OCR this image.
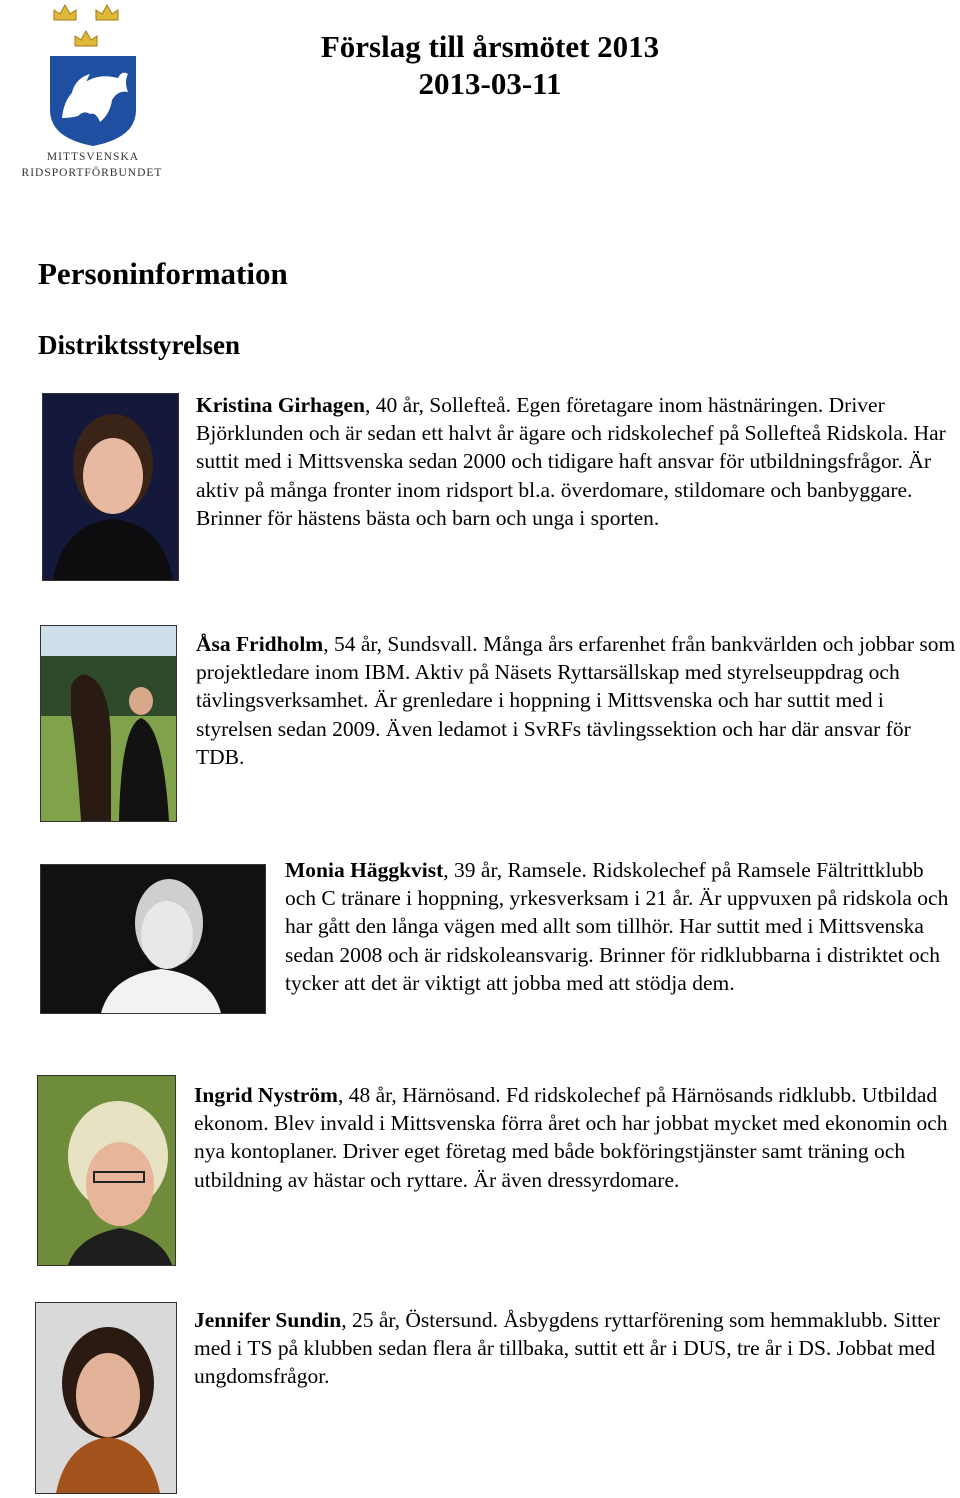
MITTSVENSKA
RIDSPORTFÖRBUNDET
Förslag till årsmötet 2013
2013-03-11
Personinformation
Distriktsstyrelsen

Kristina Girhagen, 40 år, Sollefteå. Egen företagare inom hästnäringen. Driver Björklunden och är sedan ett halvt år ägare och ridskolechef på Sollefteå Ridskola. Har suttit med i Mittsvenska sedan 2000 och tidigare haft ansvar för utbildningsfrågor. Är aktiv på många fronter inom ridsport bl.a. överdomare, stildomare och banbyggare. Brinner för hästens bästa och barn och unga i sporten.

Åsa Fridholm, 54 år, Sundsvall. Många års erfarenhet från bankvärlden och jobbar som projektledare inom IBM. Aktiv på Näsets Ryttarsällskap med styrelseuppdrag och tävlingsverksamhet. Är grenledare i hoppning i Mittsvenska och har suttit med i styrelsen sedan 2009. Även ledamot i SvRFs tävlingssektion och har där ansvar för TDB.

Monia Häggkvist, 39 år, Ramsele. Ridskolechef på Ramsele Fältrittklubb och C tränare i hoppning, yrkesverksam i 21 år. Är uppvuxen på ridskola och har gått den långa vägen med allt som tillhör. Har suttit med i Mittsvenska sedan 2008 och är ridskoleansvarig. Brinner för ridklubbarna i distriktet och tycker att det är viktigt att jobba med att stödja dem.

Ingrid Nyström, 48 år, Härnösand. Fd ridskolechef på Härnösands ridklubb. Utbildad ekonom. Blev invald i Mittsvenska förra året och har jobbat mycket med ekonomin och nya kontoplaner. Driver eget företag med både bokföringstjänster samt träning och utbildning av hästar och ryttare. Är även dressyrdomare.

Jennifer Sundin, 25 år, Östersund. Åsbygdens ryttarförening som hemmaklubb. Sitter med i TS på klubben sedan flera år tillbaka, suttit ett år i DUS, tre år i DS. Jobbat med ungdomsfrågor.
